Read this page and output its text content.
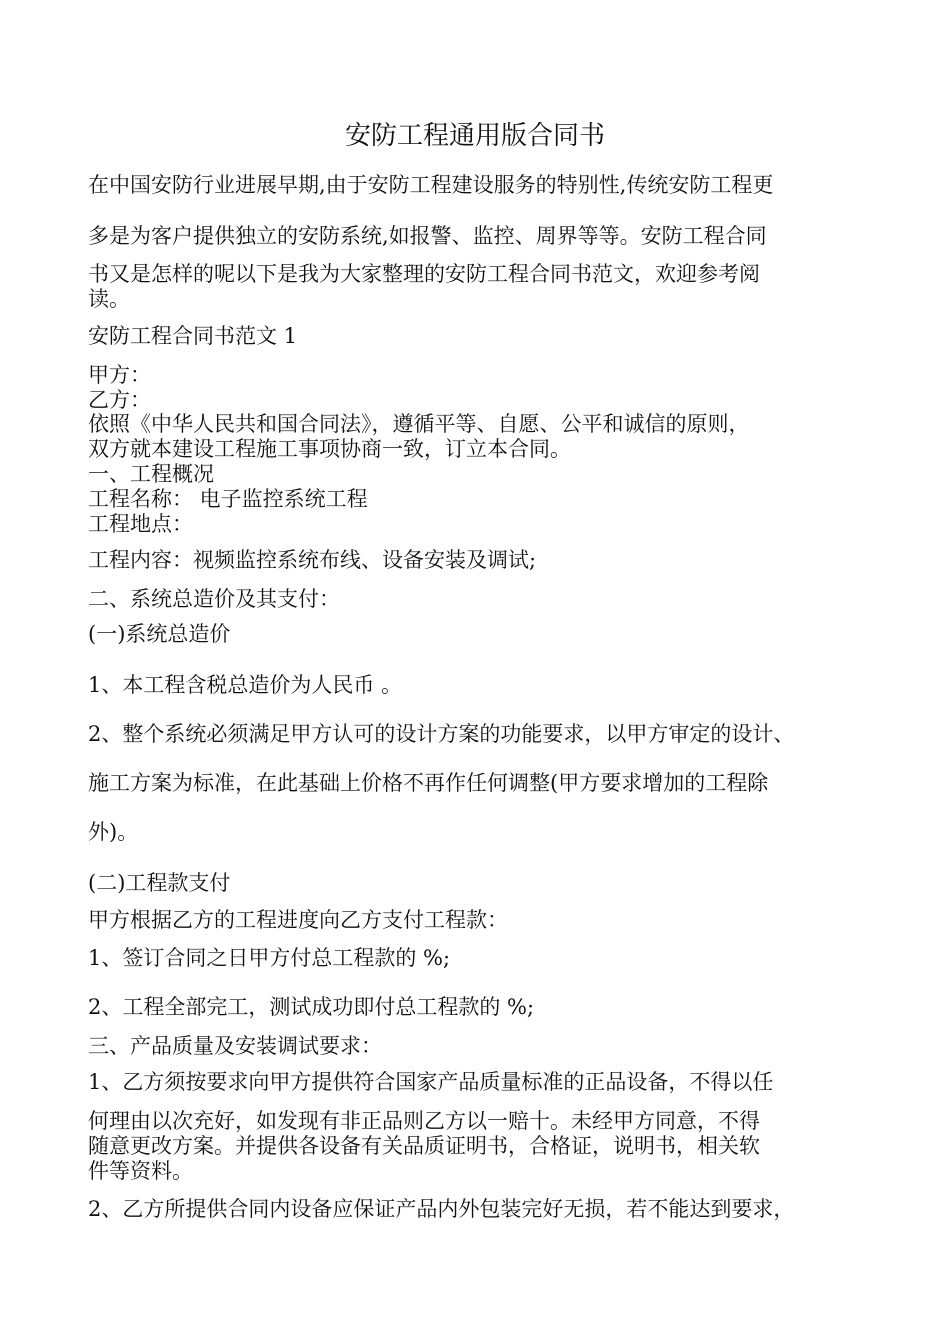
安防工程通用版合同书
在中国安防行业进展早期,由于安防工程建设服务的特别性,传统安防工程更
多是为客户提供独立的安防系统,如报警、监控、周界等等。安防工程合同
书又是怎样的呢以下是我为大家整理的安防工程合同书范文，欢迎参考阅
读。
安防工程合同书范文 1
甲方：
乙方：
依照《中华人民共和国合同法》，遵循平等、自愿、公平和诚信的原则，
双方就本建设工程施工事项协商一致，订立本合同。
一、工程概况
工程名称： 电子监控系统工程
工程地点：
工程内容：视频监控系统布线、设备安装及调试;
二、系统总造价及其支付：
(一)系统总造价
1、本工程含税总造价为人民币 。
2、整个系统必须满足甲方认可的设计方案的功能要求，以甲方审定的设计、
施工方案为标准，在此基础上价格不再作任何调整(甲方要求增加的工程除
外)。
(二)工程款支付
甲方根据乙方的工程进度向乙方支付工程款：
1、签订合同之日甲方付总工程款的 %;
2、工程全部完工，测试成功即付总工程款的 %;
三、产品质量及安装调试要求：
1、乙方须按要求向甲方提供符合国家产品质量标准的正品设备，不得以任
何理由以次充好，如发现有非正品则乙方以一赔十。未经甲方同意，不得
随意更改方案。并提供各设备有关品质证明书，合格证，说明书，相关软
件等资料。
2、乙方所提供合同内设备应保证产品内外包装完好无损，若不能达到要求，
